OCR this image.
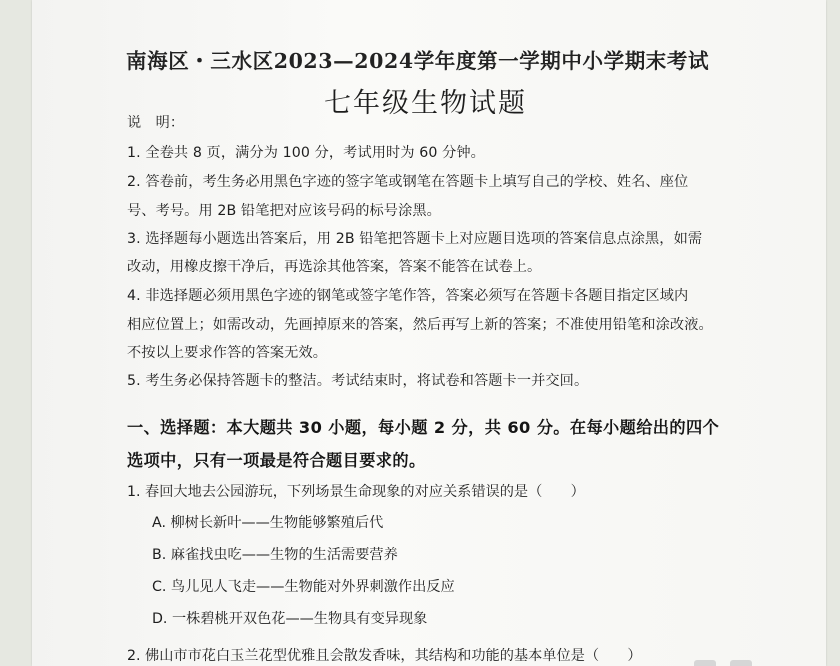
南海区・三水区2023—2024学年度第一学期中小学期末考试
七年级生物试题
说　明：
1. 全卷共 8 页，满分为 100 分，考试用时为 60 分钟。
2. 答卷前，考生务必用黑色字迹的签字笔或钢笔在答题卡上填写自己的学校、姓名、座位
号、考号。用 2B 铅笔把对应该号码的标号涂黑。
3. 选择题每小题选出答案后，用 2B 铅笔把答题卡上对应题目选项的答案信息点涂黑，如需
改动，用橡皮擦干净后，再选涂其他答案，答案不能答在试卷上。
4. 非选择题必须用黑色字迹的钢笔或签字笔作答，答案必须写在答题卡各题目指定区域内
相应位置上；如需改动，先画掉原来的答案，然后再写上新的答案；不准使用铅笔和涂改液。
不按以上要求作答的答案无效。
5. 考生务必保持答题卡的整洁。考试结束时，将试卷和答题卡一并交回。
一、选择题：本大题共 30 小题，每小题 2 分，共 60 分。在每小题给出的四个
选项中，只有一项最是符合题目要求的。
1. 春回大地去公园游玩，下列场景生命现象的对应关系错误的是（　　）
A. 柳树长新叶——生物能够繁殖后代
B. 麻雀找虫吃——生物的生活需要营养
C. 鸟儿见人飞走——生物能对外界刺激作出反应
D. 一株碧桃开双色花——生物具有变异现象
2. 佛山市市花白玉兰花型优雅且会散发香味，其结构和功能的基本单位是（　　）
